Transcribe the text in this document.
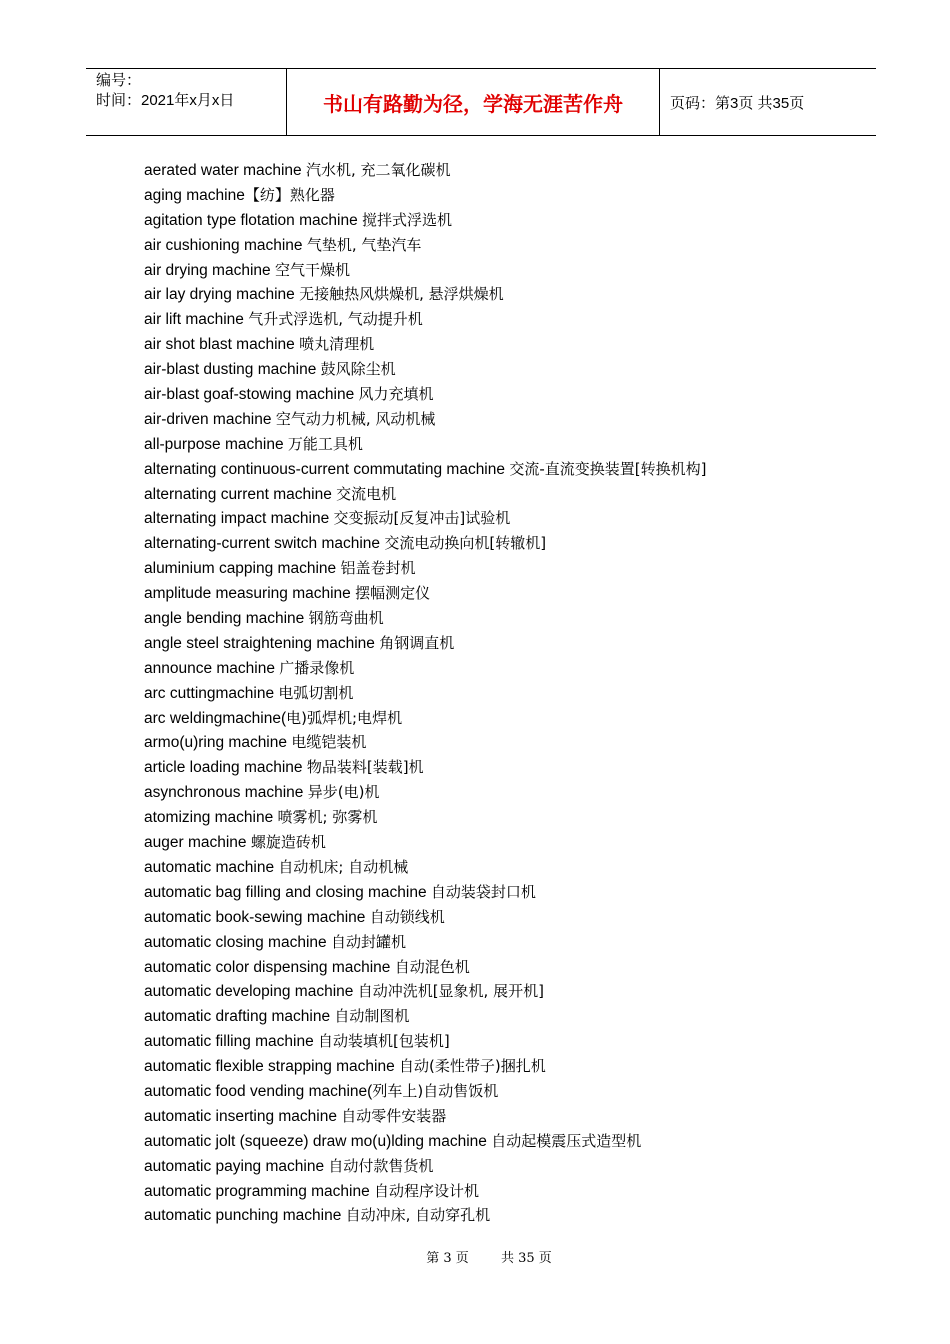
编号：
时间：2021年x月x日	书山有路勤为径，学海无涯苦作舟	页码：第3页 共35页
aerated water machine 汽水机, 充二氧化碳机
aging machine【纺】熟化器
agitation type flotation machine 搅拌式浮选机
air cushioning machine 气垫机, 气垫汽车
air drying machine 空气干燥机
air lay drying machine 无接触热风烘燥机, 悬浮烘燥机
air lift machine 气升式浮选机, 气动提升机
air shot blast machine 喷丸清理机
air-blast dusting machine 鼓风除尘机
air-blast goaf-stowing machine 风力充填机
air-driven machine 空气动力机械, 风动机械
all-purpose machine 万能工具机
alternating continuous-current commutating machine 交流-直流变换装置[转换机构]
alternating current machine 交流电机
alternating impact machine 交变振动[反复冲击]试验机
alternating-current switch machine 交流电动换向机[转辙机]
aluminium capping machine 铝盖卷封机
amplitude measuring machine 摆幅测定仪
angle bending machine 钢筋弯曲机
angle steel straightening machine 角钢调直机
announce machine 广播录像机
arc cuttingmachine 电弧切割机
arc weldingmachine(电)弧焊机;电焊机
armo(u)ring machine 电缆铠装机
article loading machine 物品装料[装载]机
asynchronous machine 异步(电)机
atomizing machine 喷雾机; 弥雾机
auger machine 螺旋造砖机
automatic machine 自动机床; 自动机械
automatic bag filling and closing machine 自动装袋封口机
automatic book-sewing machine 自动锁线机
automatic closing machine 自动封罐机
automatic color dispensing machine 自动混色机
automatic developing machine 自动冲洗机[显象机, 展开机]
automatic drafting machine 自动制图机
automatic filling machine 自动装填机[包装机]
automatic flexible strapping machine 自动(柔性带子)捆扎机
automatic food vending machine(列车上)自动售饭机
automatic inserting machine 自动零件安装器
automatic jolt (squeeze) draw mo(u)lding machine 自动起模震压式造型机
automatic paying machine 自动付款售货机
automatic programming machine 自动程序设计机
automatic punching machine 自动冲床, 自动穿孔机
第 3 页 共 35 页
